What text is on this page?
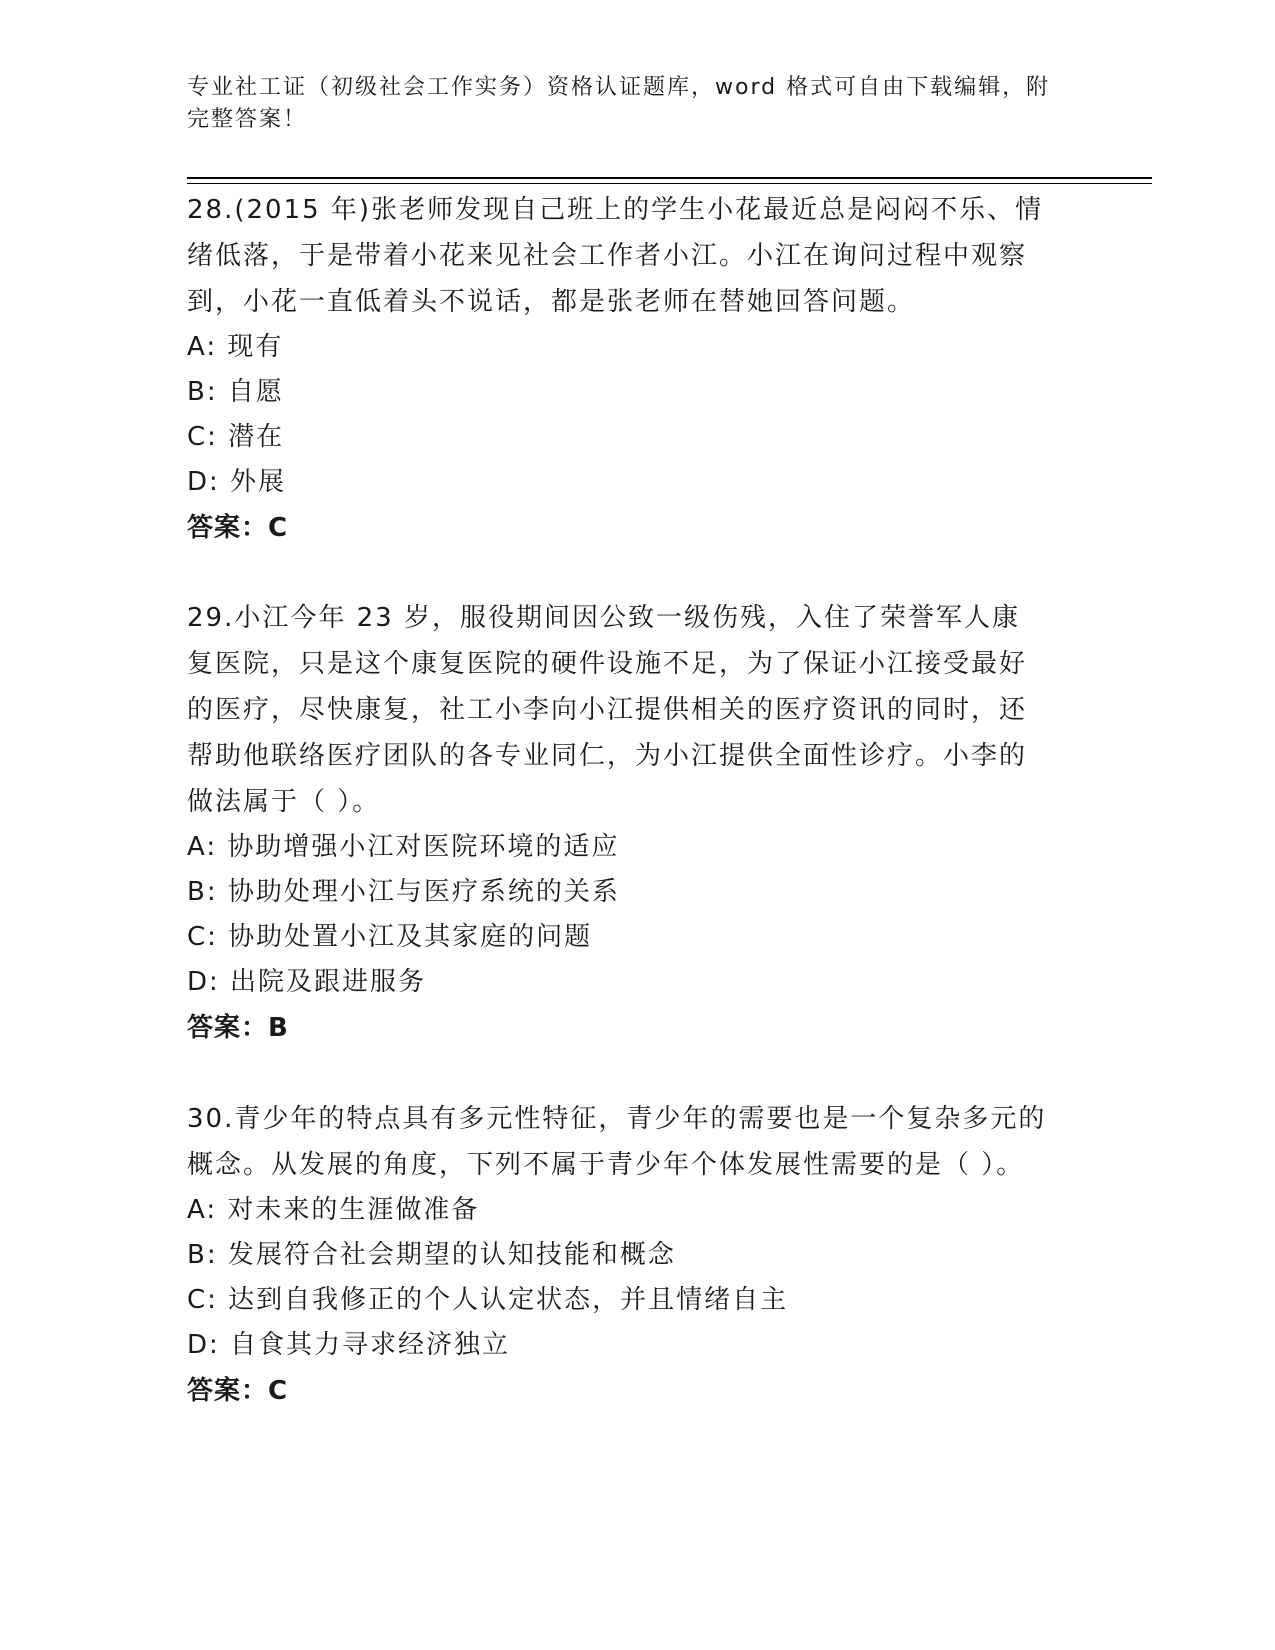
专业社工证（初级社会工作实务）资格认证题库，word 格式可自由下载编辑，附完整答案！

28.(2015 年)张老师发现自己班上的学生小花最近总是闷闷不乐、情绪低落，于是带着小花来见社会工作者小江。小江在询问过程中观察到，小花一直低着头不说话，都是张老师在替她回答问题。

A: 现有
B: 自愿
C: 潜在
D: 外展
答案：C

29.小江今年 23 岁，服役期间因公致一级伤残，入住了荣誉军人康复医院，只是这个康复医院的硬件设施不足，为了保证小江接受最好的医疗，尽快康复，社工小李向小江提供相关的医疗资讯的同时，还帮助他联络医疗团队的各专业同仁，为小江提供全面性诊疗。小李的做法属于（ ）。

A: 协助增强小江对医院环境的适应
B: 协助处理小江与医疗系统的关系
C: 协助处置小江及其家庭的问题
D: 出院及跟进服务
答案：B

30.青少年的特点具有多元性特征，青少年的需要也是一个复杂多元的概念。从发展的角度，下列不属于青少年个体发展性需要的是（ ）。

A: 对未来的生涯做准备
B: 发展符合社会期望的认知技能和概念
C: 达到自我修正的个人认定状态，并且情绪自主
D: 自食其力寻求经济独立
答案：C
